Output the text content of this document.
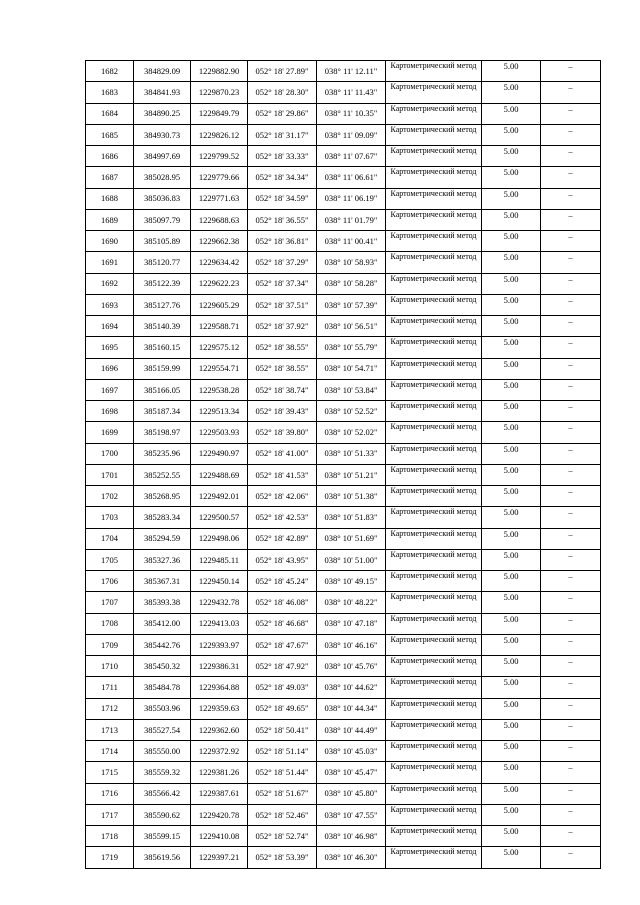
1682	384829.09	1229882.90	052° 18' 27.89"	038° 11' 12.11"	Картометрический метод	5.00	–
1683	384841.93	1229870.23	052° 18' 28.30"	038° 11' 11.43"	Картометрический метод	5.00	–
1684	384890.25	1229849.79	052° 18' 29.86"	038° 11' 10.35"	Картометрический метод	5.00	–
1685	384930.73	1229826.12	052° 18' 31.17"	038° 11' 09.09"	Картометрический метод	5.00	–
1686	384997.69	1229799.52	052° 18' 33.33"	038° 11' 07.67"	Картометрический метод	5.00	–
1687	385028.95	1229779.66	052° 18' 34.34"	038° 11' 06.61"	Картометрический метод	5.00	–
1688	385036.83	1229771.63	052° 18' 34.59"	038° 11' 06.19"	Картометрический метод	5.00	–
1689	385097.79	1229688.63	052° 18' 36.55"	038° 11' 01.79"	Картометрический метод	5.00	–
1690	385105.89	1229662.38	052° 18' 36.81"	038° 11' 00.41"	Картометрический метод	5.00	–
1691	385120.77	1229634.42	052° 18' 37.29"	038° 10' 58.93"	Картометрический метод	5.00	–
1692	385122.39	1229622.23	052° 18' 37.34"	038° 10' 58.28"	Картометрический метод	5.00	–
1693	385127.76	1229605.29	052° 18' 37.51"	038° 10' 57.39"	Картометрический метод	5.00	–
1694	385140.39	1229588.71	052° 18' 37.92"	038° 10' 56.51"	Картометрический метод	5.00	–
1695	385160.15	1229575.12	052° 18' 38.55"	038° 10' 55.79"	Картометрический метод	5.00	–
1696	385159.99	1229554.71	052° 18' 38.55"	038° 10' 54.71"	Картометрический метод	5.00	–
1697	385166.05	1229538.28	052° 18' 38.74"	038° 10' 53.84"	Картометрический метод	5.00	–
1698	385187.34	1229513.34	052° 18' 39.43"	038° 10' 52.52"	Картометрический метод	5.00	–
1699	385198.97	1229503.93	052° 18' 39.80"	038° 10' 52.02"	Картометрический метод	5.00	–
1700	385235.96	1229490.97	052° 18' 41.00"	038° 10' 51.33"	Картометрический метод	5.00	–
1701	385252.55	1229488.69	052° 18' 41.53"	038° 10' 51.21"	Картометрический метод	5.00	–
1702	385268.95	1229492.01	052° 18' 42.06"	038° 10' 51.38"	Картометрический метод	5.00	–
1703	385283.34	1229500.57	052° 18' 42.53"	038° 10' 51.83"	Картометрический метод	5.00	–
1704	385294.59	1229498.06	052° 18' 42.89"	038° 10' 51.69"	Картометрический метод	5.00	–
1705	385327.36	1229485.11	052° 18' 43.95"	038° 10' 51.00"	Картометрический метод	5.00	–
1706	385367.31	1229450.14	052° 18' 45.24"	038° 10' 49.15"	Картометрический метод	5.00	–
1707	385393.38	1229432.78	052° 18' 46.08"	038° 10' 48.22"	Картометрический метод	5.00	–
1708	385412.00	1229413.03	052° 18' 46.68"	038° 10' 47.18"	Картометрический метод	5.00	–
1709	385442.76	1229393.97	052° 18' 47.67"	038° 10' 46.16"	Картометрический метод	5.00	–
1710	385450.32	1229386.31	052° 18' 47.92"	038° 10' 45.76"	Картометрический метод	5.00	–
1711	385484.78	1229364.88	052° 18' 49.03"	038° 10' 44.62"	Картометрический метод	5.00	–
1712	385503.96	1229359.63	052° 18' 49.65"	038° 10' 44.34"	Картометрический метод	5.00	–
1713	385527.54	1229362.60	052° 18' 50.41"	038° 10' 44.49"	Картометрический метод	5.00	–
1714	385550.00	1229372.92	052° 18' 51.14"	038° 10' 45.03"	Картометрический метод	5.00	–
1715	385559.32	1229381.26	052° 18' 51.44"	038° 10' 45.47"	Картометрический метод	5.00	–
1716	385566.42	1229387.61	052° 18' 51.67"	038° 10' 45.80"	Картометрический метод	5.00	–
1717	385590.62	1229420.78	052° 18' 52.46"	038° 10' 47.55"	Картометрический метод	5.00	–
1718	385599.15	1229410.08	052° 18' 52.74"	038° 10' 46.98"	Картометрический метод	5.00	–
1719	385619.56	1229397.21	052° 18' 53.39"	038° 10' 46.30"	Картометрический метод	5.00	–
